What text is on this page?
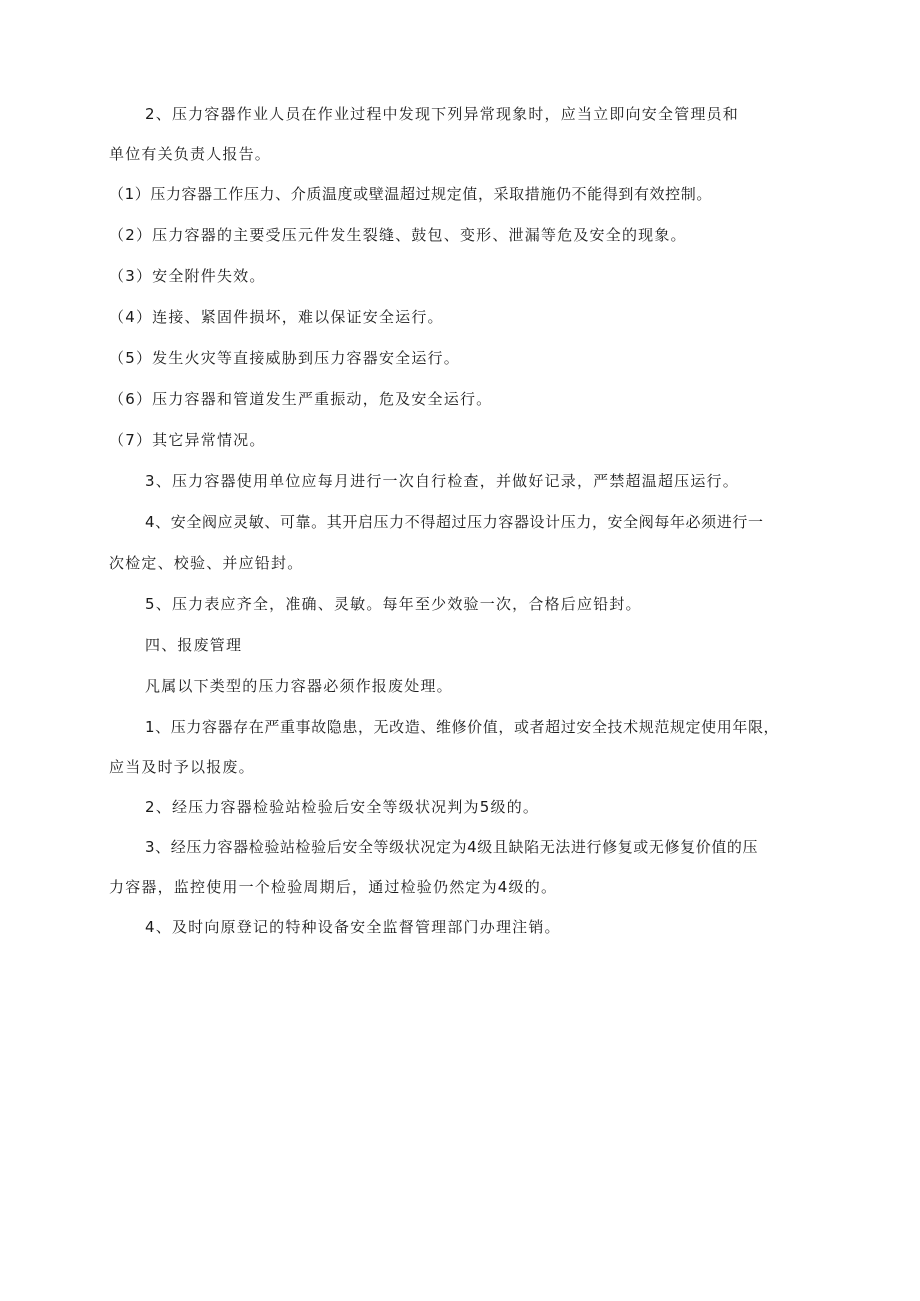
2、压力容器作业人员在作业过程中发现下列异常现象时，应当立即向安全管理员和
单位有关负责人报告。
（1）压力容器工作压力、介质温度或壁温超过规定值，采取措施仍不能得到有效控制。
（2）压力容器的主要受压元件发生裂缝、鼓包、变形、泄漏等危及安全的现象。
（3）安全附件失效。
（4）连接、紧固件损坏，难以保证安全运行。
（5）发生火灾等直接威胁到压力容器安全运行。
（6）压力容器和管道发生严重振动，危及安全运行。
（7）其它异常情况。
3、压力容器使用单位应每月进行一次自行检查，并做好记录，严禁超温超压运行。
4、安全阀应灵敏、可靠。其开启压力不得超过压力容器设计压力，安全阀每年必须进行一
次检定、校验、并应铅封。
5、压力表应齐全，准确、灵敏。每年至少效验一次，合格后应铅封。
四、报废管理
凡属以下类型的压力容器必须作报废处理。
1、压力容器存在严重事故隐患，无改造、维修价值，或者超过安全技术规范规定使用年限，
应当及时予以报废。
2、经压力容器检验站检验后安全等级状况判为5级的。
3、经压力容器检验站检验后安全等级状况定为4级且缺陷无法进行修复或无修复价值的压
力容器，监控使用一个检验周期后，通过检验仍然定为4级的。
4、及时向原登记的特种设备安全监督管理部门办理注销。
